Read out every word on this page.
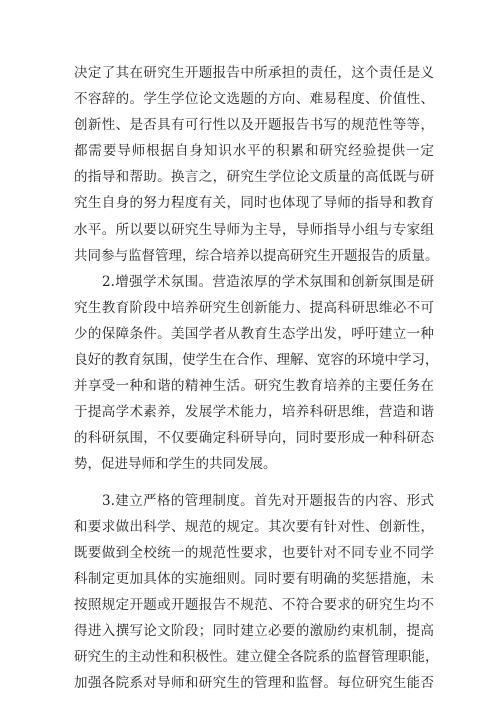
决定了其在研究生开题报告中所承担的责任，这个责任是义
不容辞的。学生学位论文选题的方向、难易程度、价值性、
创新性、是否具有可行性以及开题报告书写的规范性等等，
都需要导师根据自身知识水平的积累和研究经验提供一定
的指导和帮助。换言之，研究生学位论文质量的高低既与研
究生自身的努力程度有关，同时也体现了导师的指导和教育
水平。所以要以研究生导师为主导，导师指导小组与专家组
共同参与监督管理，综合培养以提高研究生开题报告的质量。
2.增强学术氛围。营造浓厚的学术氛围和创新氛围是研
究生教育阶段中培养研究生创新能力、提高科研思维必不可
少的保障条件。美国学者从教育生态学出发，呼吁建立一种
良好的教育氛围，使学生在合作、理解、宽容的环境中学习，
并享受一种和谐的精神生活。研究生教育培养的主要任务在
于提高学术素养，发展学术能力，培养科研思维，营造和谐
的科研氛围，不仅要确定科研导向，同时要形成一种科研态
势，促进导师和学生的共同发展。
3.建立严格的管理制度。首先对开题报告的内容、形式
和要求做出科学、规范的规定。其次要有针对性、创新性，
既要做到全校统一的规范性要求，也要针对不同专业不同学
科制定更加具体的实施细则。同时要有明确的奖惩措施，未
按照规定开题或开题报告不规范、不符合要求的研究生均不
得进入撰写论文阶段；同时建立必要的激励约束机制，提高
研究生的主动性和积极性。建立健全各院系的监督管理职能，
加强各院系对导师和研究生的管理和监督。每位研究生能否
